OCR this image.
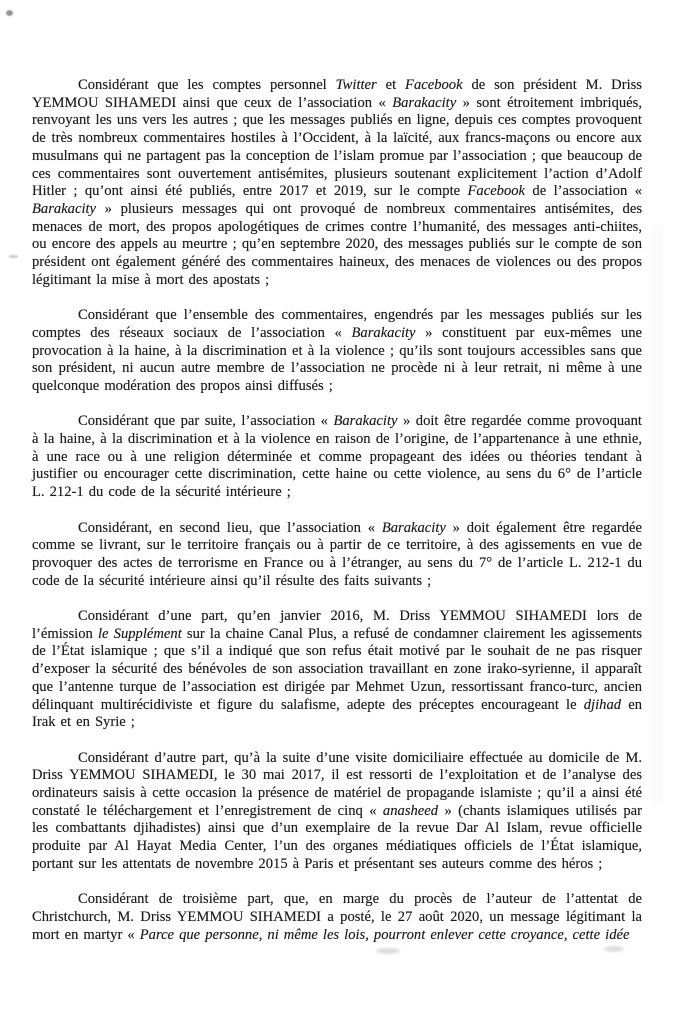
Considérant que les comptes personnel Twitter et Facebook de son président M. Driss YEMMOU SIHAMEDI ainsi que ceux de l’association « Barakacity » sont étroitement imbriqués, renvoyant les uns vers les autres ; que les messages publiés en ligne, depuis ces comptes provoquent de très nombreux commentaires hostiles à l’Occident, à la laïcité, aux francs-maçons ou encore aux musulmans qui ne partagent pas la conception de l’islam promue par l’association ; que beaucoup de ces commentaires sont ouvertement antisémites, plusieurs soutenant explicitement l’action d’Adolf Hitler ; qu’ont ainsi été publiés, entre 2017 et 2019, sur le compte Facebook de l’association « Barakacity » plusieurs messages qui ont provoqué de nombreux commentaires antisémites, des menaces de mort, des propos apologétiques de crimes contre l’humanité, des messages anti-chiites, ou encore des appels au meurtre ; qu’en septembre 2020, des messages publiés sur le compte de son président ont également généré des commentaires haineux, des menaces de violences ou des propos légitimant la mise à mort des apostats ;

Considérant que l’ensemble des commentaires, engendrés par les messages publiés sur les comptes des réseaux sociaux de l’association « Barakacity » constituent par eux-mêmes une provocation à la haine, à la discrimination et à la violence ; qu’ils sont toujours accessibles sans que son président, ni aucun autre membre de l’association ne procède ni à leur retrait, ni même à une quelconque modération des propos ainsi diffusés ;

Considérant que par suite, l’association « Barakacity » doit être regardée comme provoquant à la haine, à la discrimination et à la violence en raison de l’origine, de l’appartenance à une ethnie, à une race ou à une religion déterminée et comme propageant des idées ou théories tendant à justifier ou encourager cette discrimination, cette haine ou cette violence, au sens du 6° de l’article L. 212-1 du code de la sécurité intérieure ;

Considérant, en second lieu, que l’association « Barakacity » doit également être regardée comme se livrant, sur le territoire français ou à partir de ce territoire, à des agissements en vue de provoquer des actes de terrorisme en France ou à l’étranger, au sens du 7° de l’article L. 212-1 du code de la sécurité intérieure ainsi qu’il résulte des faits suivants ;

Considérant d’une part, qu’en janvier 2016, M. Driss YEMMOU SIHAMEDI lors de l’émission le Supplément sur la chaine Canal Plus, a refusé de condamner clairement les agissements de l’État islamique ; que s’il a indiqué que son refus était motivé par le souhait de ne pas risquer d’exposer la sécurité des bénévoles de son association travaillant en zone irako-syrienne, il apparaît que l’antenne turque de l’association est dirigée par Mehmet Uzun, ressortissant franco-turc, ancien délinquant multirécidiviste et figure du salafisme, adepte des préceptes encourageant le djihad en Irak et en Syrie ;

Considérant d’autre part, qu’à la suite d’une visite domiciliaire effectuée au domicile de M. Driss YEMMOU SIHAMEDI, le 30 mai 2017, il est ressorti de l’exploitation et de l’analyse des ordinateurs saisis à cette occasion la présence de matériel de propagande islamiste ; qu’il a ainsi été constaté le téléchargement et l’enregistrement de cinq « anasheed » (chants islamiques utilisés par les combattants djihadistes) ainsi que d’un exemplaire de la revue Dar Al Islam, revue officielle produite par Al Hayat Media Center, l’un des organes médiatiques officiels de l’État islamique, portant sur les attentats de novembre 2015 à Paris et présentant ses auteurs comme des héros ;

Considérant de troisième part, que, en marge du procès de l’auteur de l’attentat de Christchurch, M. Driss YEMMOU SIHAMEDI a posté, le 27 août 2020, un message légitimant la mort en martyr « Parce que personne, ni même les lois, pourront enlever cette croyance, cette idée
